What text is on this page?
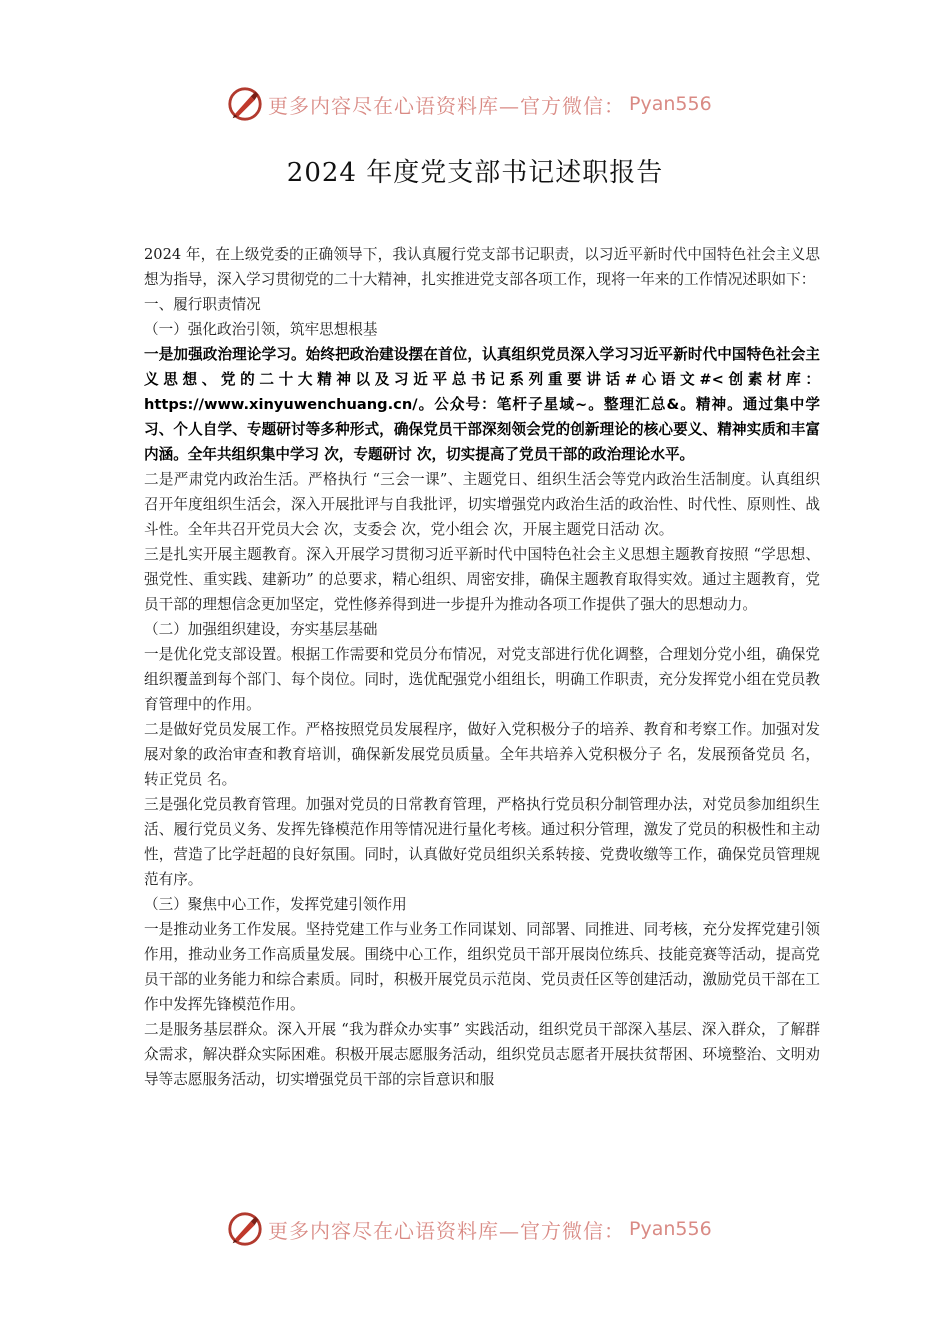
更多内容尽在心语资料库—官方微信： Pyan556
2024 年度党支部书记述职报告

2024 年，在上级党委的正确领导下，我认真履行党支部书记职责，以习近平新时代中国特色社会主义思想为指导，深入学习贯彻党的二十大精神，扎实推进党支部各项工作，现将一年来的工作情况述职如下：

一、履行职责情况

（一）强化政治引领，筑牢思想根基

一是加强政治理论学习。始终把政治建设摆在首位，认真组织党员深入学习习近平新时代中国特色社会主义思想、党的二十大精神以及习近平总书记系列重要讲话#心语文#<创素材库：https://www.xinyuwenchuang.cn/。公众号：笔杆子星域~。整理汇总&。精神。通过集中学习、个人自学、专题研讨等多种形式，确保党员干部深刻领会党的创新理论的核心要义、精神实质和丰富内涵。全年共组织集中学习 次，专题研讨 次，切实提高了党员干部的政治理论水平。

二是严肃党内政治生活。严格执行 “三会一课”、主题党日、组织生活会等党内政治生活制度。认真组织召开年度组织生活会，深入开展批评与自我批评，切实增强党内政治生活的政治性、时代性、原则性、战斗性。全年共召开党员大会 次，支委会 次，党小组会 次，开展主题党日活动 次。

三是扎实开展主题教育。深入开展学习贯彻习近平新时代中国特色社会主义思想主题教育按照 “学思想、强党性、重实践、建新功” 的总要求，精心组织、周密安排，确保主题教育取得实效。通过主题教育，党员干部的理想信念更加坚定，党性修养得到进一步提升为推动各项工作提供了强大的思想动力。

（二）加强组织建设，夯实基层基础

一是优化党支部设置。根据工作需要和党员分布情况，对党支部进行优化调整，合理划分党小组，确保党组织覆盖到每个部门、每个岗位。同时，选优配强党小组组长，明确工作职责，充分发挥党小组在党员教育管理中的作用。

二是做好党员发展工作。严格按照党员发展程序，做好入党积极分子的培养、教育和考察工作。加强对发展对象的政治审查和教育培训，确保新发展党员质量。全年共培养入党积极分子 名，发展预备党员 名，转正党员 名。

三是强化党员教育管理。加强对党员的日常教育管理，严格执行党员积分制管理办法，对党员参加组织生活、履行党员义务、发挥先锋模范作用等情况进行量化考核。通过积分管理，激发了党员的积极性和主动性，营造了比学赶超的良好氛围。同时，认真做好党员组织关系转接、党费收缴等工作，确保党员管理规范有序。

（三）聚焦中心工作，发挥党建引领作用

一是推动业务工作发展。坚持党建工作与业务工作同谋划、同部署、同推进、同考核，充分发挥党建引领作用，推动业务工作高质量发展。围绕中心工作，组织党员干部开展岗位练兵、技能竞赛等活动，提高党员干部的业务能力和综合素质。同时，积极开展党员示范岗、党员责任区等创建活动，激励党员干部在工作中发挥先锋模范作用。

二是服务基层群众。深入开展 “我为群众办实事” 实践活动，组织党员干部深入基层、深入群众，了解群众需求，解决群众实际困难。积极开展志愿服务活动，组织党员志愿者开展扶贫帮困、环境整治、文明劝导等志愿服务活动，切实增强党员干部的宗旨意识和服

更多内容尽在心语资料库—官方微信： Pyan556
